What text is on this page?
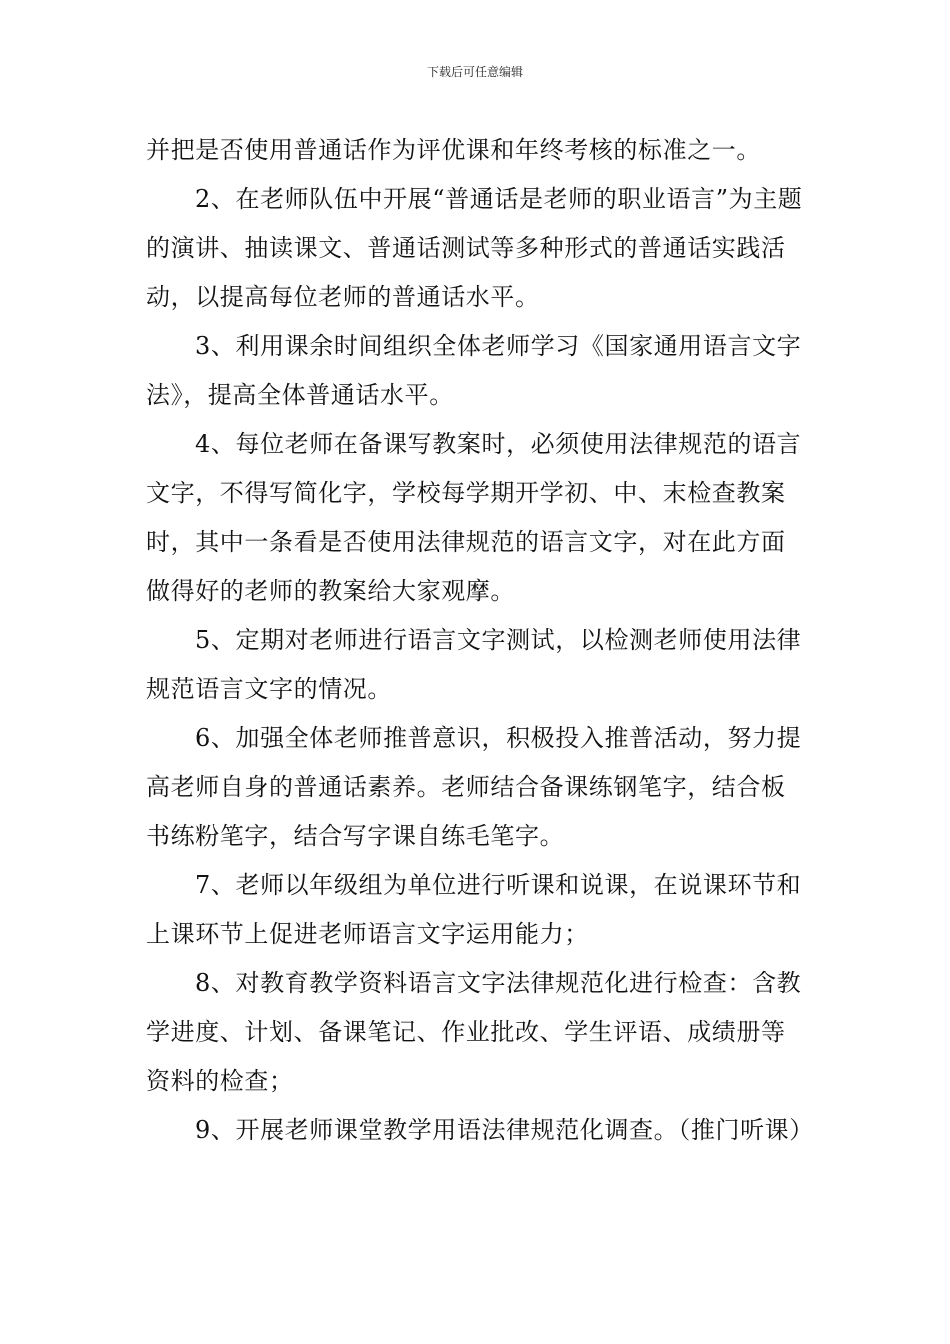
下载后可任意编辑

并把是否使用普通话作为评优课和年终考核的标准之一。

2、在老师队伍中开展“普通话是老师的职业语言”为主题的演讲、抽读课文、普通话测试等多种形式的普通话实践活动，以提高每位老师的普通话水平。

3、利用课余时间组织全体老师学习《国家通用语言文字法》，提高全体普通话水平。

4、每位老师在备课写教案时，必须使用法律规范的语言文字，不得写简化字，学校每学期开学初、中、末检查教案时，其中一条看是否使用法律规范的语言文字，对在此方面做得好的老师的教案给大家观摩。

5、定期对老师进行语言文字测试，以检测老师使用法律规范语言文字的情况。

6、加强全体老师推普意识，积极投入推普活动，努力提高老师自身的普通话素养。老师结合备课练钢笔字，结合板书练粉笔字，结合写字课自练毛笔字。

7、老师以年级组为单位进行听课和说课，在说课环节和上课环节上促进老师语言文字运用能力；

8、对教育教学资料语言文字法律规范化进行检查：含教学进度、计划、备课笔记、作业批改、学生评语、成绩册等资料的检查；

9、开展老师课堂教学用语法律规范化调查。（推门听课）
